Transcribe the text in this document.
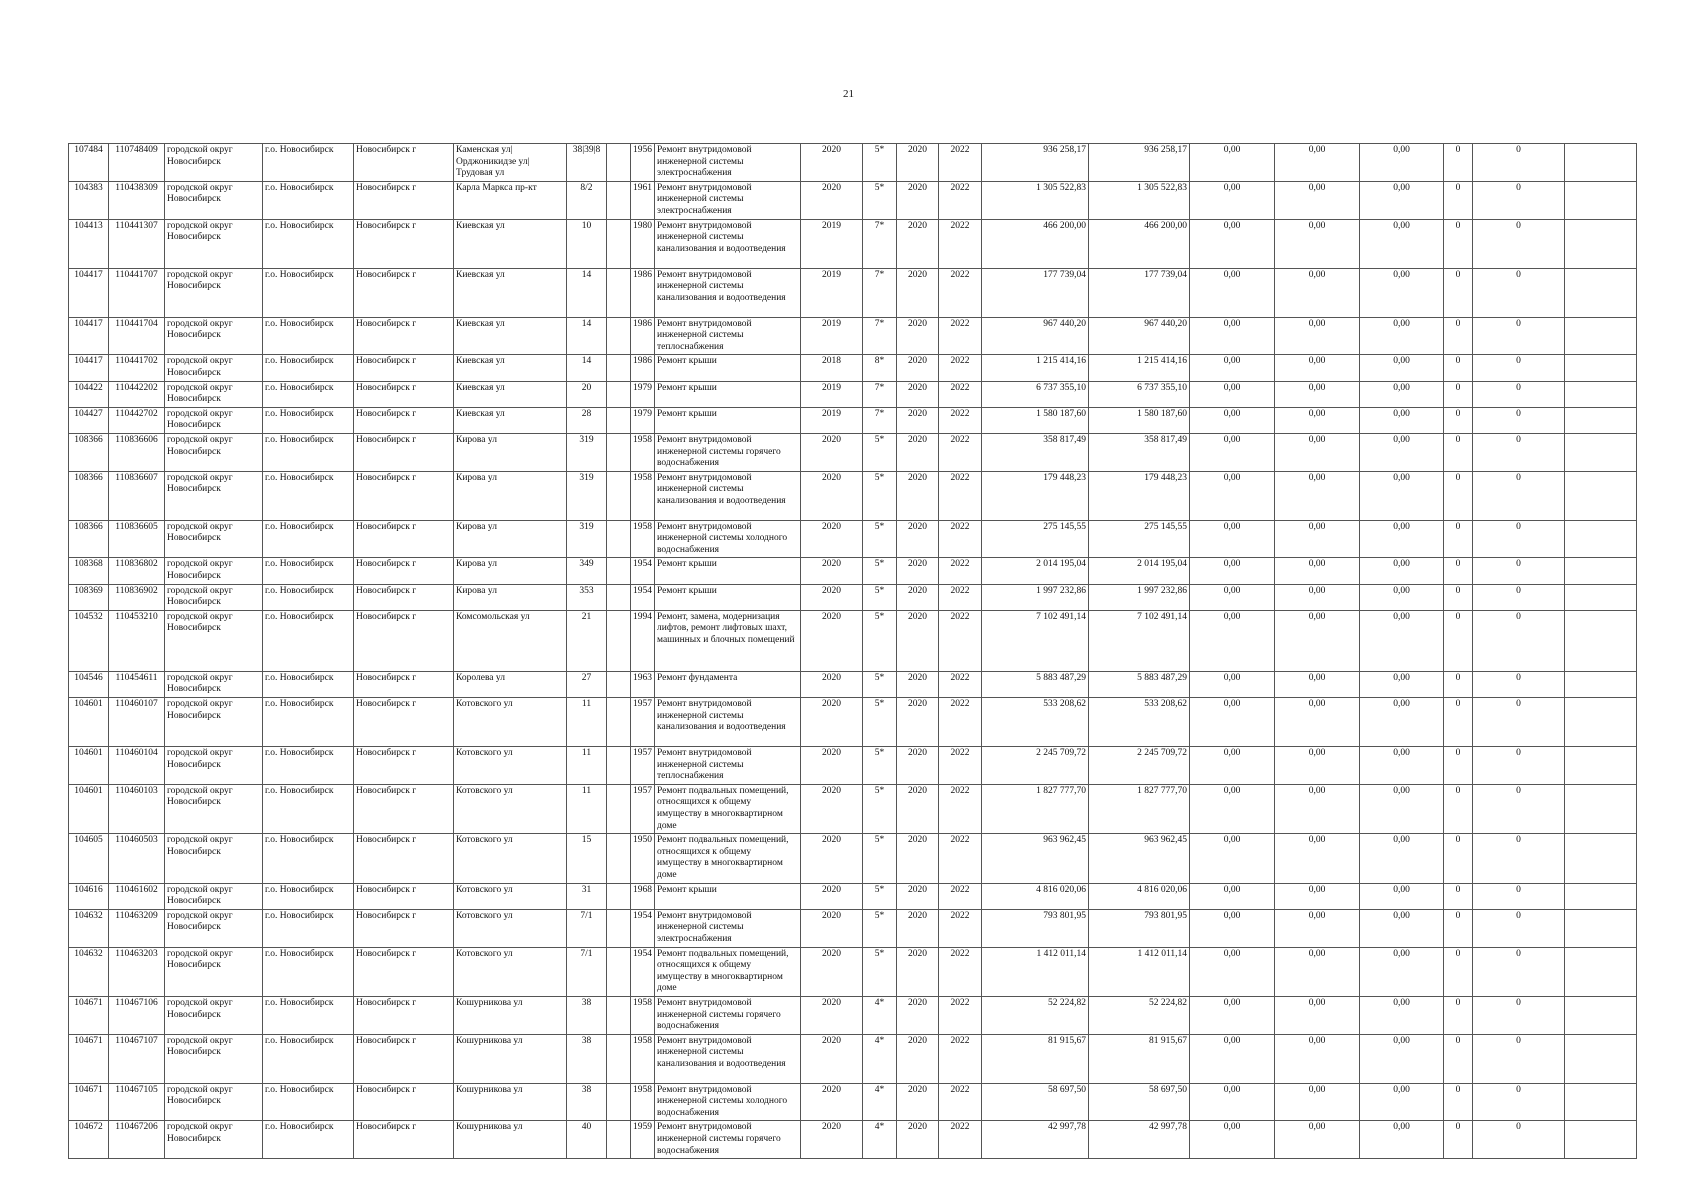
21
107484	110748409	городской округ Новосибирск	г.о. Новосибирск	Новосибирск г	Каменская ул| Орджоникидзе ул| Трудовая ул	38|39|8		1956	Ремонт внутридомовой инженерной системы электроснабжения	2020	5*	2020	2022	936 258,17	936 258,17	0,00	0,00	0,00	0	0	
104383	110438309	городской округ Новосибирск	г.о. Новосибирск	Новосибирск г	Карла Маркса пр-кт	8/2		1961	Ремонт внутридомовой инженерной системы электроснабжения	2020	5*	2020	2022	1 305 522,83	1 305 522,83	0,00	0,00	0,00	0	0	
104413	110441307	городской округ Новосибирск	г.о. Новосибирск	Новосибирск г	Киевская ул	10		1980	Ремонт внутридомовой инженерной системы канализования и водоотведения	2019	7*	2020	2022	466 200,00	466 200,00	0,00	0,00	0,00	0	0	
104417	110441707	городской округ Новосибирск	г.о. Новосибирск	Новосибирск г	Киевская ул	14		1986	Ремонт внутридомовой инженерной системы канализования и водоотведения	2019	7*	2020	2022	177 739,04	177 739,04	0,00	0,00	0,00	0	0	
104417	110441704	городской округ Новосибирск	г.о. Новосибирск	Новосибирск г	Киевская ул	14		1986	Ремонт внутридомовой инженерной системы теплоснабжения	2019	7*	2020	2022	967 440,20	967 440,20	0,00	0,00	0,00	0	0	
104417	110441702	городской округ Новосибирск	г.о. Новосибирск	Новосибирск г	Киевская ул	14		1986	Ремонт крыши	2018	8*	2020	2022	1 215 414,16	1 215 414,16	0,00	0,00	0,00	0	0	
104422	110442202	городской округ Новосибирск	г.о. Новосибирск	Новосибирск г	Киевская ул	20		1979	Ремонт крыши	2019	7*	2020	2022	6 737 355,10	6 737 355,10	0,00	0,00	0,00	0	0	
104427	110442702	городской округ Новосибирск	г.о. Новосибирск	Новосибирск г	Киевская ул	28		1979	Ремонт крыши	2019	7*	2020	2022	1 580 187,60	1 580 187,60	0,00	0,00	0,00	0	0	
108366	110836606	городской округ Новосибирск	г.о. Новосибирск	Новосибирск г	Кирова ул	319		1958	Ремонт внутридомовой инженерной системы горячего водоснабжения	2020	5*	2020	2022	358 817,49	358 817,49	0,00	0,00	0,00	0	0	
108366	110836607	городской округ Новосибирск	г.о. Новосибирск	Новосибирск г	Кирова ул	319		1958	Ремонт внутридомовой инженерной системы канализования и водоотведения	2020	5*	2020	2022	179 448,23	179 448,23	0,00	0,00	0,00	0	0	
108366	110836605	городской округ Новосибирск	г.о. Новосибирск	Новосибирск г	Кирова ул	319		1958	Ремонт внутридомовой инженерной системы холодного водоснабжения	2020	5*	2020	2022	275 145,55	275 145,55	0,00	0,00	0,00	0	0	
108368	110836802	городской округ Новосибирск	г.о. Новосибирск	Новосибирск г	Кирова ул	349		1954	Ремонт крыши	2020	5*	2020	2022	2 014 195,04	2 014 195,04	0,00	0,00	0,00	0	0	
108369	110836902	городской округ Новосибирск	г.о. Новосибирск	Новосибирск г	Кирова ул	353		1954	Ремонт крыши	2020	5*	2020	2022	1 997 232,86	1 997 232,86	0,00	0,00	0,00	0	0	
104532	110453210	городской округ Новосибирск	г.о. Новосибирск	Новосибирск г	Комсомольская ул	21		1994	Ремонт, замена, модернизация лифтов, ремонт лифтовых шахт, машинных и блочных помещений	2020	5*	2020	2022	7 102 491,14	7 102 491,14	0,00	0,00	0,00	0	0	
104546	110454611	городской округ Новосибирск	г.о. Новосибирск	Новосибирск г	Королева ул	27		1963	Ремонт фундамента	2020	5*	2020	2022	5 883 487,29	5 883 487,29	0,00	0,00	0,00	0	0	
104601	110460107	городской округ Новосибирск	г.о. Новосибирск	Новосибирск г	Котовского ул	11		1957	Ремонт внутридомовой инженерной системы канализования и водоотведения	2020	5*	2020	2022	533 208,62	533 208,62	0,00	0,00	0,00	0	0	
104601	110460104	городской округ Новосибирск	г.о. Новосибирск	Новосибирск г	Котовского ул	11		1957	Ремонт внутридомовой инженерной системы теплоснабжения	2020	5*	2020	2022	2 245 709,72	2 245 709,72	0,00	0,00	0,00	0	0	
104601	110460103	городской округ Новосибирск	г.о. Новосибирск	Новосибирск г	Котовского ул	11		1957	Ремонт подвальных помещений, относящихся к общему имуществу в многоквартирном доме	2020	5*	2020	2022	1 827 777,70	1 827 777,70	0,00	0,00	0,00	0	0	
104605	110460503	городской округ Новосибирск	г.о. Новосибирск	Новосибирск г	Котовского ул	15		1950	Ремонт подвальных помещений, относящихся к общему имуществу в многоквартирном доме	2020	5*	2020	2022	963 962,45	963 962,45	0,00	0,00	0,00	0	0	
104616	110461602	городской округ Новосибирск	г.о. Новосибирск	Новосибирск г	Котовского ул	31		1968	Ремонт крыши	2020	5*	2020	2022	4 816 020,06	4 816 020,06	0,00	0,00	0,00	0	0	
104632	110463209	городской округ Новосибирск	г.о. Новосибирск	Новосибирск г	Котовского ул	7/1		1954	Ремонт внутридомовой инженерной системы электроснабжения	2020	5*	2020	2022	793 801,95	793 801,95	0,00	0,00	0,00	0	0	
104632	110463203	городской округ Новосибирск	г.о. Новосибирск	Новосибирск г	Котовского ул	7/1		1954	Ремонт подвальных помещений, относящихся к общему имуществу в многоквартирном доме	2020	5*	2020	2022	1 412 011,14	1 412 011,14	0,00	0,00	0,00	0	0	
104671	110467106	городской округ Новосибирск	г.о. Новосибирск	Новосибирск г	Кошурникова ул	38		1958	Ремонт внутридомовой инженерной системы горячего водоснабжения	2020	4*	2020	2022	52 224,82	52 224,82	0,00	0,00	0,00	0	0	
104671	110467107	городской округ Новосибирск	г.о. Новосибирск	Новосибирск г	Кошурникова ул	38		1958	Ремонт внутридомовой инженерной системы канализования и водоотведения	2020	4*	2020	2022	81 915,67	81 915,67	0,00	0,00	0,00	0	0	
104671	110467105	городской округ Новосибирск	г.о. Новосибирск	Новосибирск г	Кошурникова ул	38		1958	Ремонт внутридомовой инженерной системы холодного водоснабжения	2020	4*	2020	2022	58 697,50	58 697,50	0,00	0,00	0,00	0	0	
104672	110467206	городской округ Новосибирск	г.о. Новосибирск	Новосибирск г	Кошурникова ул	40		1959	Ремонт внутридомовой инженерной системы горячего водоснабжения	2020	4*	2020	2022	42 997,78	42 997,78	0,00	0,00	0,00	0	0	
